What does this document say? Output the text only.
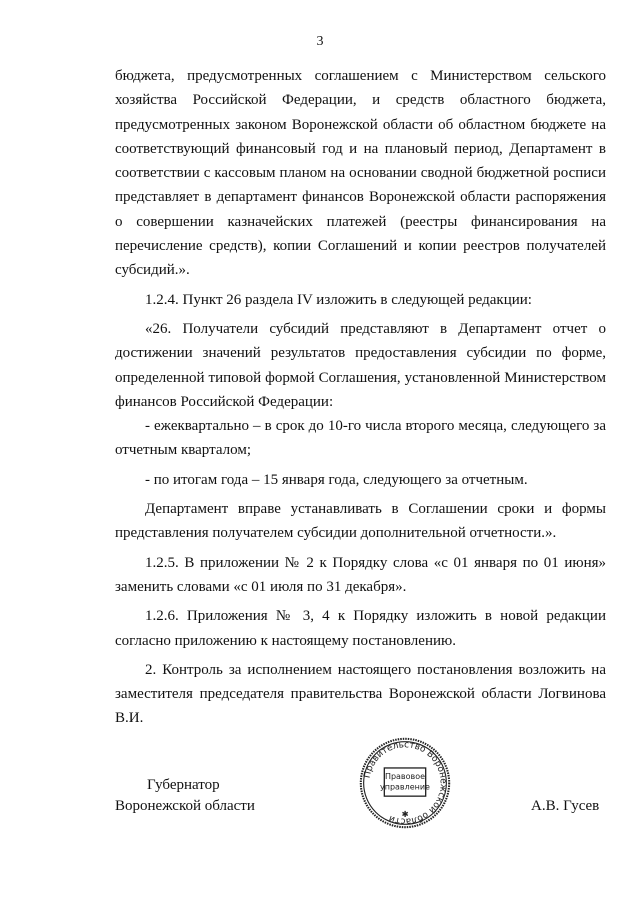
3

бюджета, предусмотренных соглашением с Министерством сельского хозяйства Российской Федерации, и средств областного бюджета, предусмотренных законом Воронежской области об областном бюджете на соответствующий финансовый год и на плановый период, Департамент в соответствии с кассовым планом на основании сводной бюджетной росписи представляет в департамент финансов Воронежской области распоряжения о совершении казначейских платежей (реестры финансирования на перечисление средств), копии Соглашений и копии реестров получателей субсидий.».

1.2.4. Пункт 26 раздела IV изложить в следующей редакции:

«26. Получатели субсидий представляют в Департамент отчет о достижении значений результатов предоставления субсидии по форме, определенной типовой формой Соглашения, установленной Министерством финансов Российской Федерации:

- ежеквартально – в срок до 10-го числа второго месяца, следующего за отчетным кварталом;

- по итогам года – 15 января года, следующего за отчетным.

Департамент вправе устанавливать в Соглашении сроки и формы представления получателем субсидии дополнительной отчетности.».

1.2.5. В приложении № 2 к Порядку слова «с 01 января по 01 июня» заменить словами «с 01 июля по 31 декабря».

1.2.6. Приложения № 3, 4 к Порядку изложить в новой редакции согласно приложению к настоящему постановлению.

2. Контроль за исполнением настоящего постановления возложить на заместителя председателя правительства Воронежской области Логвинова В.И.

Губернатор
Воронежской области
Правительство Воронежской области
Правовое
управление
✱	А.В. Гусев
